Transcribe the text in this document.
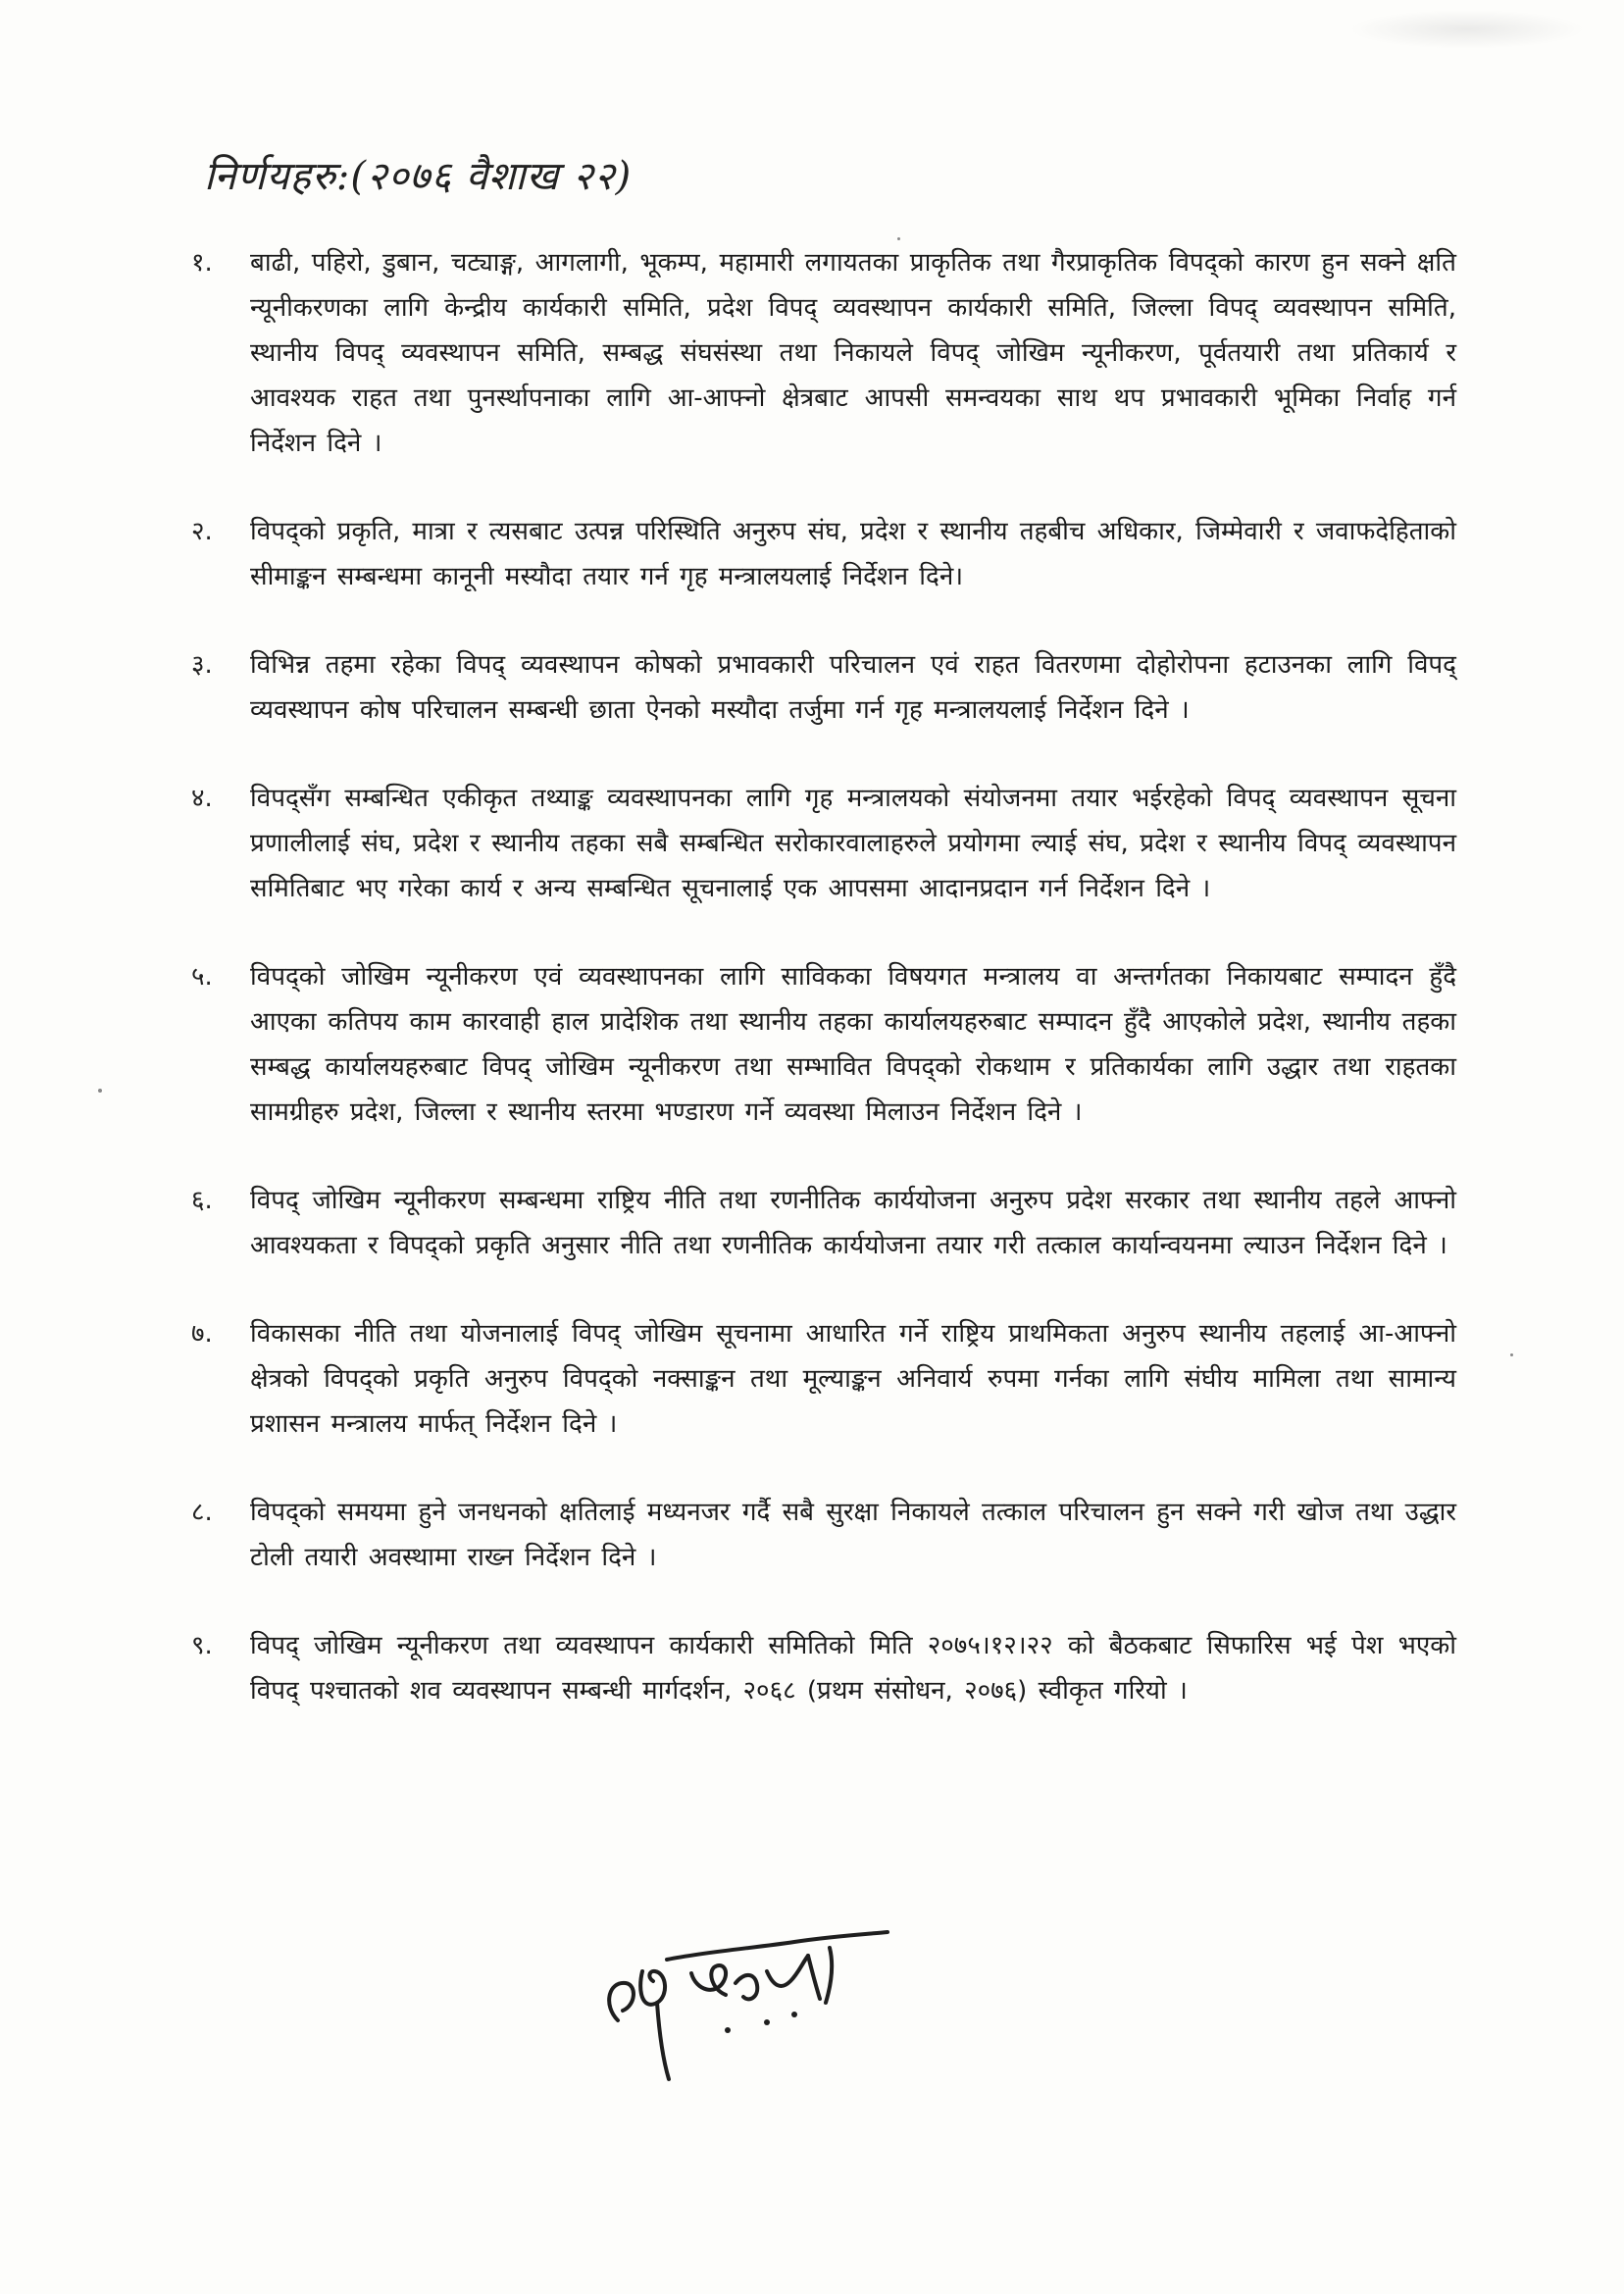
निर्णयहरु:(२०७६ वैशाख २२)
१. बाढी, पहिरो, डुबान, चट्याङ्ग, आगलागी, भूकम्प, महामारी लगायतका प्राकृतिक तथा गैरप्राकृतिक विपद्को कारण हुन सक्ने क्षति न्यूनीकरणका लागि केन्द्रीय कार्यकारी समिति, प्रदेश विपद् व्यवस्थापन कार्यकारी समिति, जिल्ला विपद् व्यवस्थापन समिति, स्थानीय विपद् व्यवस्थापन समिति, सम्बद्ध संघसंस्था तथा निकायले विपद् जोखिम न्यूनीकरण, पूर्वतयारी तथा प्रतिकार्य र आवश्यक राहत तथा पुनर्स्थापनाका लागि आ-आफ्नो क्षेत्रबाट आपसी समन्वयका साथ थप प्रभावकारी भूमिका निर्वाह गर्न निर्देशन दिने ।
२. विपद्को प्रकृति, मात्रा र त्यसबाट उत्पन्न परिस्थिति अनुरुप संघ, प्रदेश र स्थानीय तहबीच अधिकार, जिम्मेवारी र जवाफदेहिताको सीमाङ्कन सम्बन्धमा कानूनी मस्यौदा तयार गर्न गृह मन्त्रालयलाई निर्देशन दिने।
३. विभिन्न तहमा रहेका विपद् व्यवस्थापन कोषको प्रभावकारी परिचालन एवं राहत वितरणमा दोहोरोपना हटाउनका लागि विपद् व्यवस्थापन कोष परिचालन सम्बन्धी छाता ऐनको मस्यौदा तर्जुमा गर्न गृह मन्त्रालयलाई निर्देशन दिने ।
४. विपद्सँग सम्बन्धित एकीकृत तथ्याङ्क व्यवस्थापनका लागि गृह मन्त्रालयको संयोजनमा तयार भईरहेको विपद् व्यवस्थापन सूचना प्रणालीलाई संघ, प्रदेश र स्थानीय तहका सबै सम्बन्धित सरोकारवालाहरुले प्रयोगमा ल्याई संघ, प्रदेश र स्थानीय विपद् व्यवस्थापन समितिबाट भए गरेका कार्य र अन्य सम्बन्धित सूचनालाई एक आपसमा आदानप्रदान गर्न निर्देशन दिने ।
५. विपद्को जोखिम न्यूनीकरण एवं व्यवस्थापनका लागि साविकका विषयगत मन्त्रालय वा अन्तर्गतका निकायबाट सम्पादन हुँदै आएका कतिपय काम कारवाही हाल प्रादेशिक तथा स्थानीय तहका कार्यालयहरुबाट सम्पादन हुँदै आएकोले प्रदेश, स्थानीय तहका सम्बद्ध कार्यालयहरुबाट विपद् जोखिम न्यूनीकरण तथा सम्भावित विपद्को रोकथाम र प्रतिकार्यका लागि उद्धार तथा राहतका सामग्रीहरु प्रदेश, जिल्ला र स्थानीय स्तरमा भण्डारण गर्ने व्यवस्था मिलाउन निर्देशन दिने ।
६. विपद् जोखिम न्यूनीकरण सम्बन्धमा राष्ट्रिय नीति तथा रणनीतिक कार्ययोजना अनुरुप प्रदेश सरकार तथा स्थानीय तहले आफ्नो आवश्यकता र विपद्को प्रकृति अनुसार नीति तथा रणनीतिक कार्ययोजना तयार गरी तत्काल कार्यान्वयनमा ल्याउन निर्देशन दिने ।
७. विकासका नीति तथा योजनालाई विपद् जोखिम सूचनामा आधारित गर्ने राष्ट्रिय प्राथमिकता अनुरुप स्थानीय तहलाई आ-आफ्नो क्षेत्रको विपद्को प्रकृति अनुरुप विपद्को नक्साङ्कन तथा मूल्याङ्कन अनिवार्य रुपमा गर्नका लागि संघीय मामिला तथा सामान्य प्रशासन मन्त्रालय मार्फत् निर्देशन दिने ।
८. विपद्को समयमा हुने जनधनको क्षतिलाई मध्यनजर गर्दै सबै सुरक्षा निकायले तत्काल परिचालन हुन सक्ने गरी खोज तथा उद्धार टोली तयारी अवस्थामा राख्न निर्देशन दिने ।
९. विपद् जोखिम न्यूनीकरण तथा व्यवस्थापन कार्यकारी समितिको मिति २०७५।१२।२२ को बैठकबाट सिफारिस भई पेश भएको विपद् पश्चातको शव व्यवस्थापन सम्बन्धी मार्गदर्शन, २०६८ (प्रथम संसोधन, २०७६) स्वीकृत गरियो ।
